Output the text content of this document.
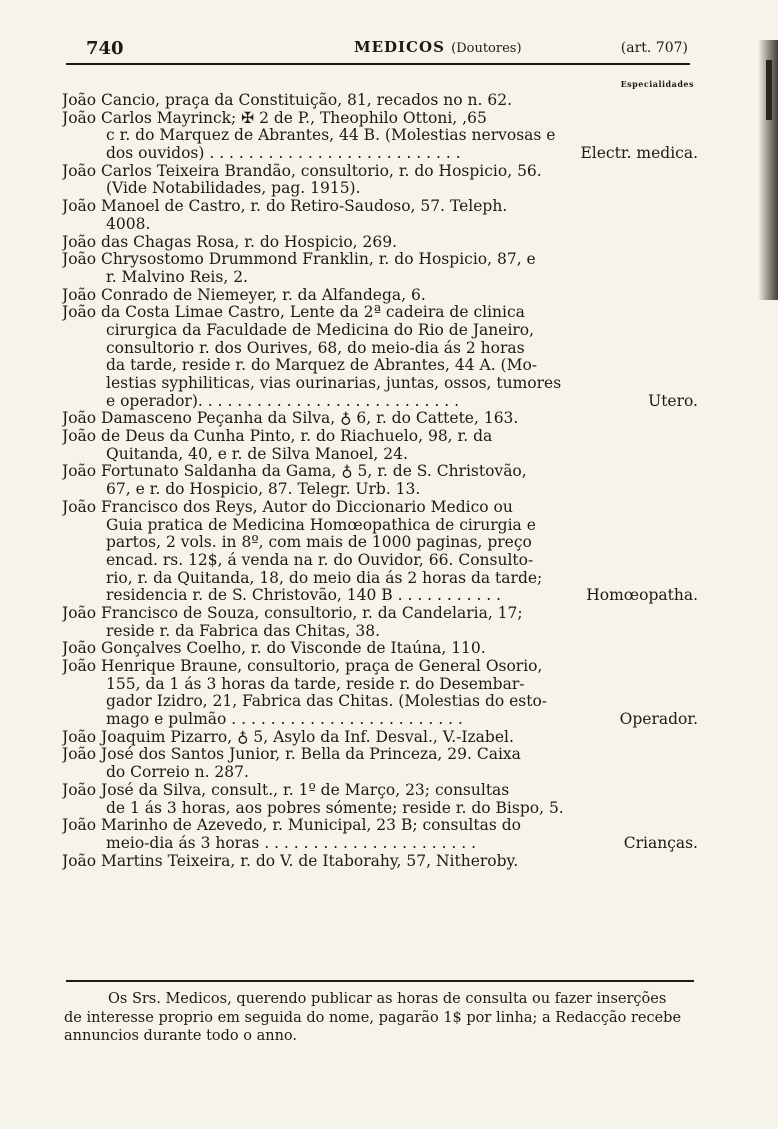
740	MEDICOS (Doutores)	(art. 707)
Especialidades
João Cancio, praça da Constituição, 81, recados no n. 62.
João Carlos Mayrinck; ✠ 2 de P., Theophilo Ottoni, ,65
c r. do Marquez de Abrantes, 44 B. (Molestias nervosas e
dos ouvidos) . . . . . . . . . . . . . . . . . . . . . . . . . .	Electr. medica.
João Carlos Teixeira Brandão, consultorio, r. do Hospicio, 56.
(Vide Notabilidades, pag. 1915).
João Manoel de Castro, r. do Retiro-Saudoso, 57. Teleph.
4008.
João das Chagas Rosa, r. do Hospicio, 269.
João Chrysostomo Drummond Franklin, r. do Hospicio, 87, e
r. Malvino Reis, 2.
João Conrado de Niemeyer, r. da Alfandega, 6.
João da Costa Limae Castro, Lente da 2ª cadeira de clinica
cirurgica da Faculdade de Medicina do Rio de Janeiro,
consultorio r. dos Ourives, 68, do meio-dia ás 2 horas
da tarde, reside r. do Marquez de Abrantes, 44 A. (Mo-
lestias syphiliticas, vias ourinarias, juntas, ossos, tumores
e operador). . . . . . . . . . . . . . . . . . . . . . . . . . .	Utero.
João Damasceno Peçanha da Silva, ♁ 6, r. do Cattete, 163.
João de Deus da Cunha Pinto, r. do Riachuelo, 98, r. da
Quitanda, 40, e r. de Silva Manoel, 24.
João Fortunato Saldanha da Gama, ♁ 5, r. de S. Christovão,
67, e r. do Hospicio, 87. Telegr. Urb. 13.
João Francisco dos Reys, Autor do Diccionario Medico ou
Guia pratica de Medicina Homœopathica de cirurgia e
partos, 2 vols. in 8º, com mais de 1000 paginas, preço
encad. rs. 12$, á venda na r. do Ouvidor, 66. Consulto-
rio, r. da Quitanda, 18, do meio dia ás 2 horas da tarde;
residencia r. de S. Christovão, 140 B . . . . . . . . . . .	Homœopatha.
João Francisco de Souza, consultorio, r. da Candelaria, 17;
reside r. da Fabrica das Chitas, 38.
João Gonçalves Coelho, r. do Visconde de Itaúna, 110.
João Henrique Braune, consultorio, praça de General Osorio,
155, da 1 ás 3 horas da tarde, reside r. do Desembar-
gador Izidro, 21, Fabrica das Chitas. (Molestias do esto-
mago e pulmão . . . . . . . . . . . . . . . . . . . . . . . .	Operador.
João Joaquim Pizarro, ♁ 5, Asylo da Inf. Desval., V.-Izabel.
João José dos Santos Junior, r. Bella da Princeza, 29. Caixa
do Correio n. 287.
João José da Silva, consult., r. 1º de Março, 23; consultas
de 1 ás 3 horas, aos pobres sómente; reside r. do Bispo, 5.
João Marinho de Azevedo, r. Municipal, 23 B; consultas do
meio-dia ás 3 horas . . . . . . . . . . . . . . . . . . . . . .	Crianças.
João Martins Teixeira, r. do V. de Itaborahy, 57, Nitheroby.
Os Srs. Medicos, querendo publicar as horas de consulta ou fazer inserções
de interesse proprio em seguida do nome, pagarão 1$ por linha; a Redacção recebe
annuncios durante todo o anno.
